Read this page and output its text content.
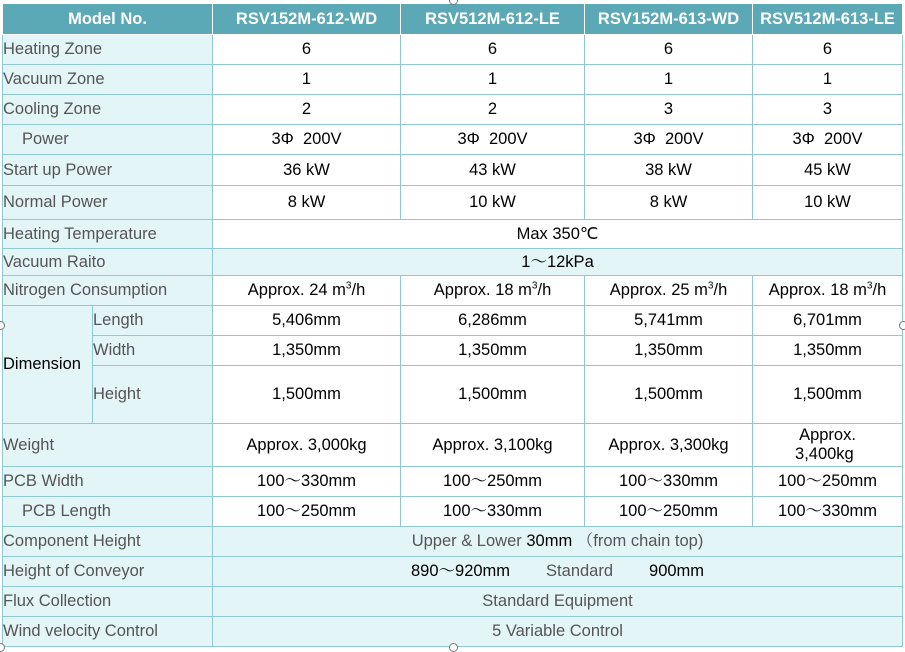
Model No.		RSV152M-612-WD	RSV512M-612-LE	RSV152M-613-WD	RSV512M-613-LE
Heating Zone		6	6	6	6
Vacuum Zone		1	1	1	1
Cooling Zone		2	2	3	3
Power		3Φ  200V	3Φ  200V	3Φ  200V	3Φ  200V
Start up Power		36 kW	43 kW	38 kW	45 kW
Normal Power		8 kW	10 kW	8 kW	10 kW
Heating Temperature		Max 350℃			
Vacuum Raito		1～12kPa			
Nitrogen Consumption		Approx. 24 $m^3/h$	Approx. 18 $m^3/h$	Approx. 25 $m^3/h$	Approx. 18 $m^3/h$
Dimension	Length	5,406mm	6,286mm	5,741mm	6,701mm
	Width	1,350mm	1,350mm	1,350mm	1,350mm
	Height	1,500mm	1,500mm	1,500mm	1,500mm
Weight		Approx. 3,000kg	Approx. 3,100kg	Approx. 3,300kg	Approx.
3,400kg

PCB Width		100～330mm	100～250mm	100～330mm	100～250mm
PCB Length		100～250mm	100～330mm	100～250mm	100～330mm
Component Height		Upper & Lower 30mm （from chain top)			
Height of Conveyor		890～920mm Standard 900mm			
Flux Collection		Standard Equipment			
Wind velocity Control		5 Variable Control			
